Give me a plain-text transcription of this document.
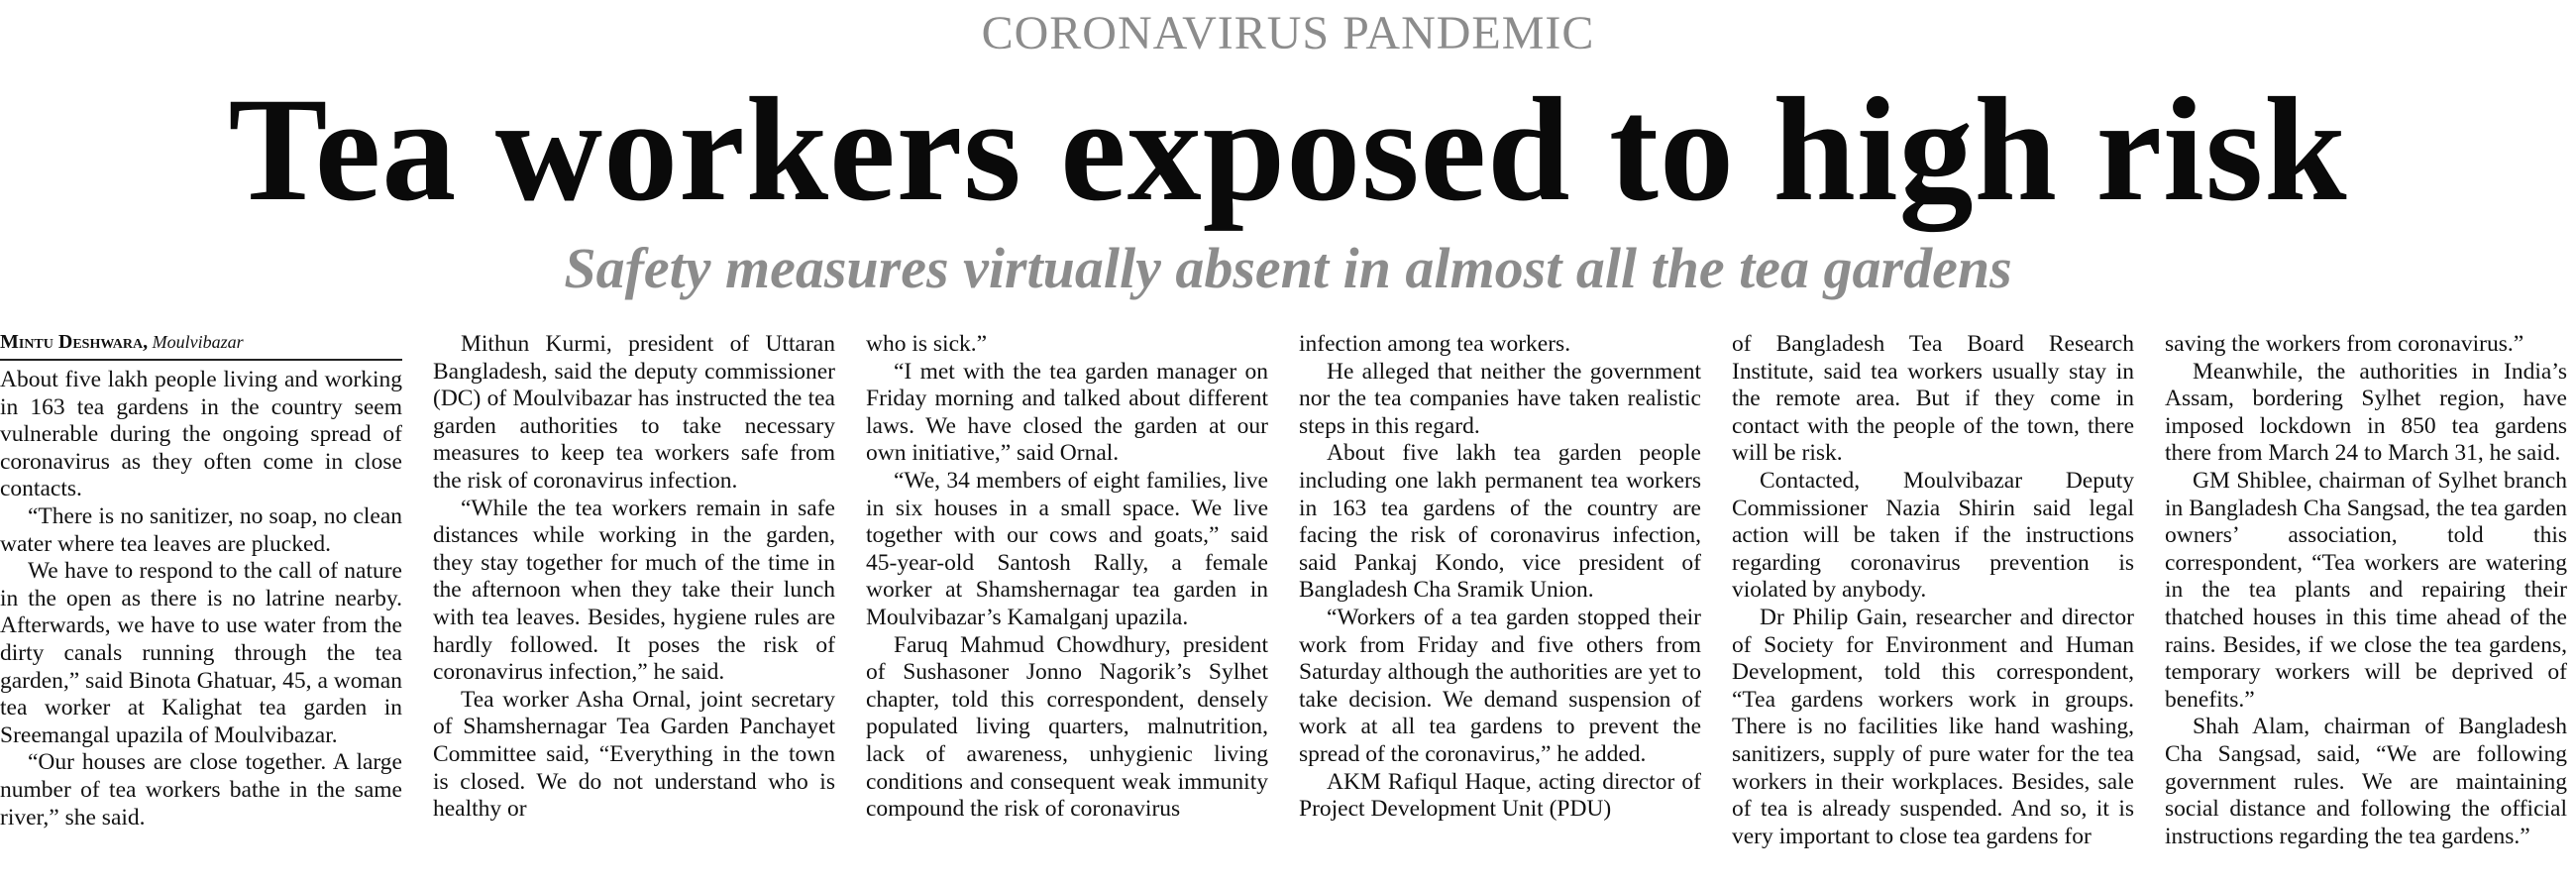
CORONAVIRUS PANDEMIC
Tea workers exposed to high risk
Safety measures virtually absent in almost all the tea gardens
Mintu Deshwara, Moulvibazar

About five lakh people living and working in 163 tea gardens in the country seem vulnerable during the ongoing spread of coronavirus as they often come in close contacts.

“There is no sanitizer, no soap, no clean water where tea leaves are plucked.

We have to respond to the call of nature in the open as there is no latrine nearby. Afterwards, we have to use water from the dirty canals running through the tea garden,” said Binota Ghatuar, 45, a woman tea worker at Kalighat tea garden in Sreemangal upazila of Moulvibazar.

“Our houses are close together. A large number of tea workers bathe in the same river,” she said.

Mithun Kurmi, president of Uttaran Bangladesh, said the deputy commissioner (DC) of Moulvibazar has instructed the tea garden authorities to take necessary measures to keep tea workers safe from the risk of coronavirus infection.

“While the tea workers remain in safe distances while working in the garden, they stay together for much of the time in the afternoon when they take their lunch with tea leaves. Besides, hygiene rules are hardly followed. It poses the risk of coronavirus infection,” he said.

Tea worker Asha Ornal, joint secretary of Shamshernagar Tea Garden Panchayet Committee said, “Everything in the town is closed. We do not understand who is healthy or

who is sick.”

“I met with the tea garden manager on Friday morning and talked about different laws. We have closed the garden at our own initiative,” said Ornal.

“We, 34 members of eight families, live in six houses in a small space. We live together with our cows and goats,” said 45-year-old Santosh Rally, a female worker at Shamshernagar tea garden in Moulvibazar’s Kamalganj upazila.

Faruq Mahmud Chowdhury, president of Sushasoner Jonno Nagorik’s Sylhet chapter, told this correspondent, densely populated living quarters, malnutrition, lack of awareness, unhygienic living conditions and consequent weak immunity compound the risk of coronavirus

infection among tea workers.

He alleged that neither the government nor the tea companies have taken realistic steps in this regard.

About five lakh tea garden people including one lakh permanent tea workers in 163 tea gardens of the country are facing the risk of coronavirus infection, said Pankaj Kondo, vice president of Bangladesh Cha Sramik Union.

“Workers of a tea garden stopped their work from Friday and five others from Saturday although the authorities are yet to take decision. We demand suspension of work at all tea gardens to prevent the spread of the coronavirus,” he added.

AKM Rafiqul Haque, acting director of Project Development Unit (PDU)

of Bangladesh Tea Board Research Institute, said tea workers usually stay in the remote area. But if they come in contact with the people of the town, there will be risk.

Contacted, Moulvibazar Deputy Commissioner Nazia Shirin said legal action will be taken if the instructions regarding coronavirus prevention is violated by anybody.

Dr Philip Gain, researcher and director of Society for Environment and Human Development, told this correspondent, “Tea gardens workers work in groups. There is no facilities like hand washing, sanitizers, supply of pure water for the tea workers in their workplaces. Besides, sale of tea is already suspended. And so, it is very important to close tea gardens for

saving the workers from coronavirus.”

Meanwhile, the authorities in India’s Assam, bordering Sylhet region, have imposed lockdown in 850 tea gardens there from March 24 to March 31, he said.

GM Shiblee, chairman of Sylhet branch in Bangladesh Cha Sangsad, the tea garden owners’ association, told this correspondent, “Tea workers are watering in the tea plants and repairing their thatched houses in this time ahead of the rains. Besides, if we close the tea gardens, temporary workers will be deprived of benefits.”

Shah Alam, chairman of Bangladesh Cha Sangsad, said, “We are following government rules. We are maintaining social distance and following the official instructions regarding the tea gardens.”
